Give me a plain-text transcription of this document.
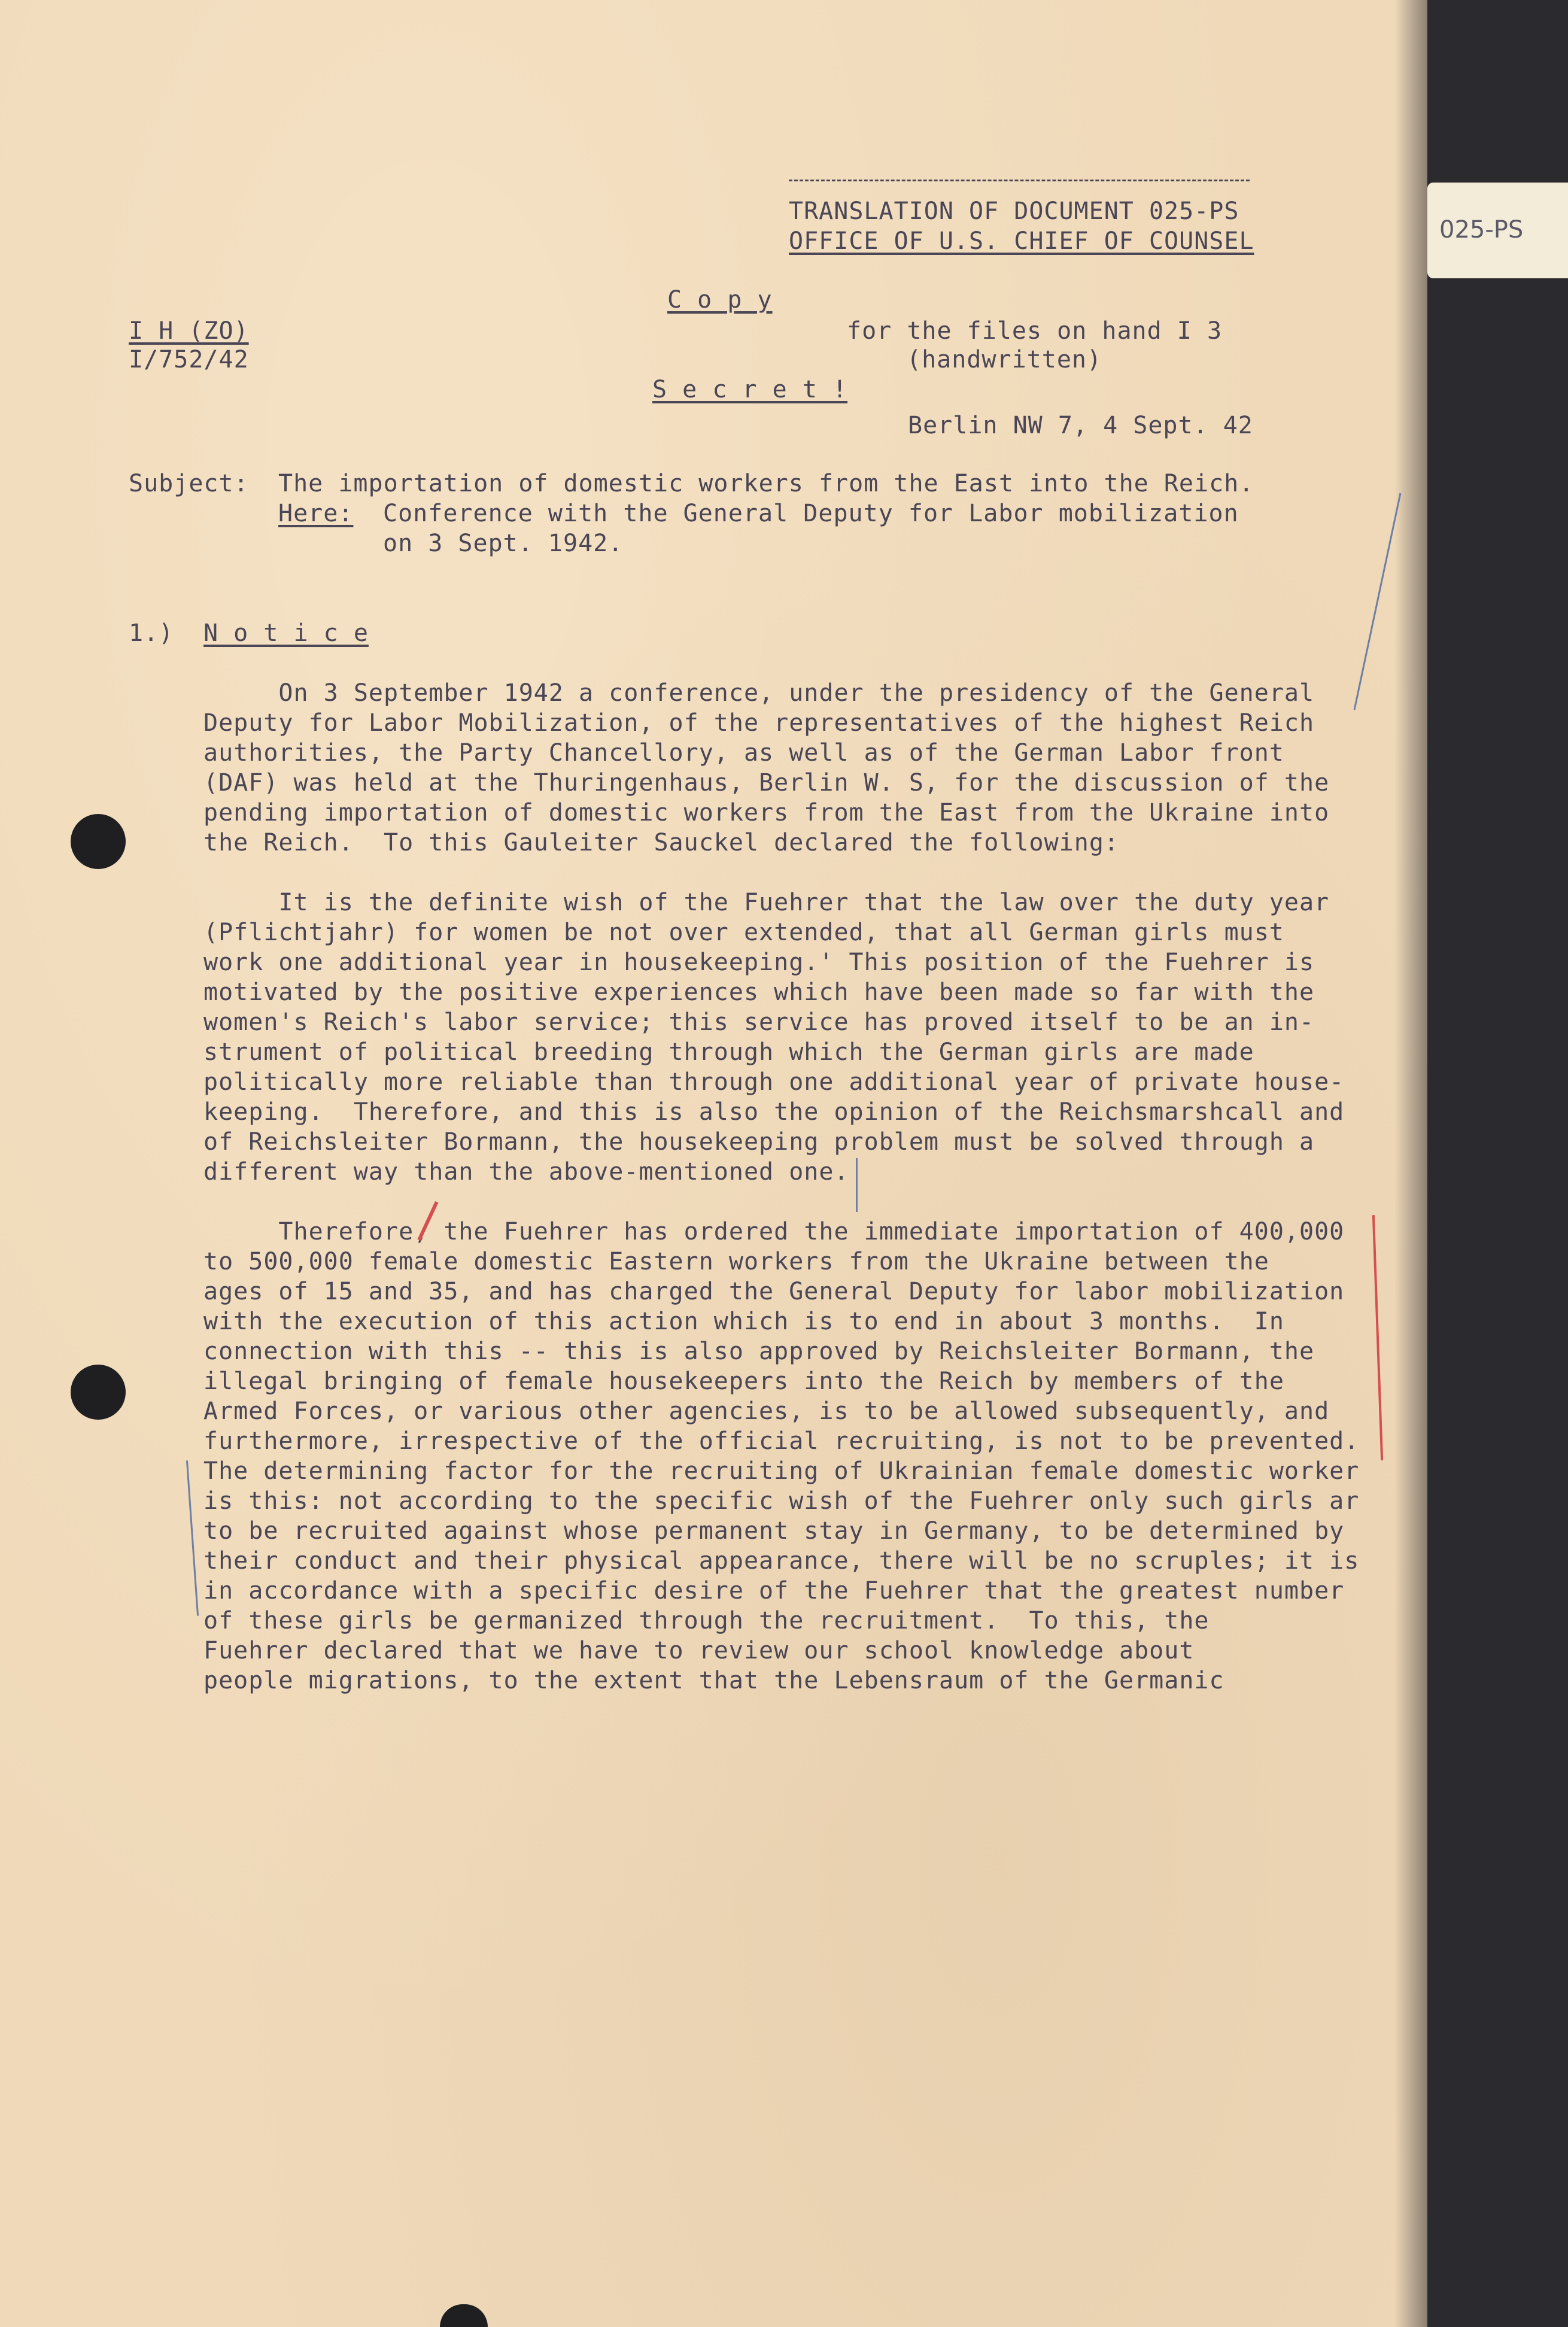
025-PS
TRANSLATION OF DOCUMENT 025-PS
OFFICE OF U.S. CHIEF OF COUNSEL
C o p y
I H (ZO)
I/752/42
for the files on hand I 3
(handwritten)
S e c r e t !
Berlin NW 7, 4 Sept. 42
Subject: The importation of domestic workers from the East into the Reich.
Here: Conference with the General Deputy for Labor mobilization
on 3 Sept. 1942.
1.) N o t i c e
On 3 September 1942 a conference, under the presidency of the General
Deputy for Labor Mobilization, of the representatives of the highest Reich
authorities, the Party Chancellory, as well as of the German Labor front
(DAF) was held at the Thuringenhaus, Berlin W. S, for the discussion of the
pending importation of domestic workers from the East from the Ukraine into
the Reich.  To this Gauleiter Sauckel declared the following:
It is the definite wish of the Fuehrer that the law over the duty year
(Pflichtjahr) for women be not over extended, that all German girls must
work one additional year in housekeeping.' This position of the Fuehrer is
motivated by the positive experiences which have been made so far with the
women's Reich's labor service; this service has proved itself to be an in-
strument of political breeding through which the German girls are made
politically more reliable than through one additional year of private house-
keeping.  Therefore, and this is also the opinion of the Reichsmarshcall and
of Reichsleiter Bormann, the housekeeping problem must be solved through a
different way than the above-mentioned one.
Therefore, the Fuehrer has ordered the immediate importation of 400,000
to 500,000 female domestic Eastern workers from the Ukraine between the
ages of 15 and 35, and has charged the General Deputy for labor mobilization
with the execution of this action which is to end in about 3 months.  In
connection with this -- this is also approved by Reichsleiter Bormann, the
illegal bringing of female housekeepers into the Reich by members of the
Armed Forces, or various other agencies, is to be allowed subsequently, and
furthermore, irrespective of the official recruiting, is not to be prevented.
The determining factor for the recruiting of Ukrainian female domestic worker
is this: not according to the specific wish of the Fuehrer only such girls ar
to be recruited against whose permanent stay in Germany, to be determined by
their conduct and their physical appearance, there will be no scruples; it is
in accordance with a specific desire of the Fuehrer that the greatest number
of these girls be germanized through the recruitment.  To this, the
Fuehrer declared that we have to review our school knowledge about
people migrations, to the extent that the Lebensraum of the Germanic
